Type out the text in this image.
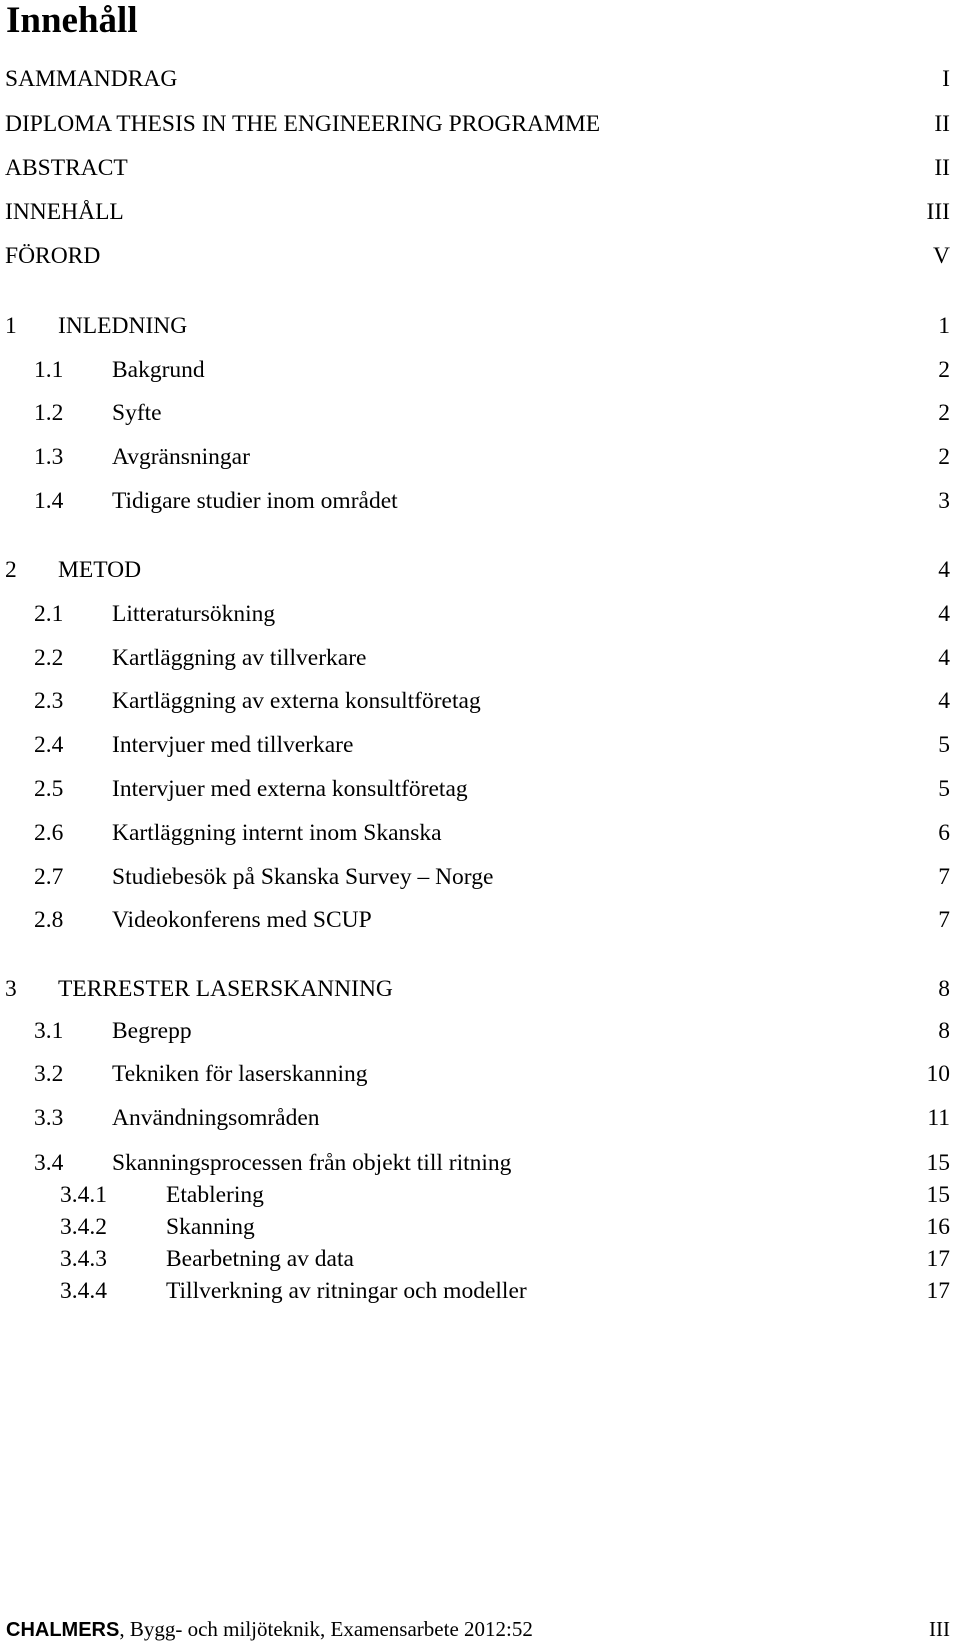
Innehåll
SAMMANDRAG	I
DIPLOMA THESIS IN THE ENGINEERING PROGRAMME	II
ABSTRACT	II
INNEHÅLL	III
FÖRORD	V
1 INLEDNING	1
1.1 Bakgrund	2
1.2 Syfte	2
1.3 Avgränsningar	2
1.4 Tidigare studier inom området	3
2 METOD	4
2.1 Litteratursökning	4
2.2 Kartläggning av tillverkare	4
2.3 Kartläggning av externa konsultföretag	4
2.4 Intervjuer med tillverkare	5
2.5 Intervjuer med externa konsultföretag	5
2.6 Kartläggning internt inom Skanska	6
2.7 Studiebesök på Skanska Survey – Norge	7
2.8 Videokonferens med SCUP	7
3 TERRESTER LASERSKANNING	8
3.1 Begrepp	8
3.2 Tekniken för laserskanning	10
3.3 Användningsområden	11
3.4 Skanningsprocessen från objekt till ritning	15
3.4.1	Etablering	15
3.4.2	Skanning	16
3.4.3	Bearbetning av data	17
3.4.4	Tillverkning av ritningar och modeller	17
CHALMERS, Bygg- och miljöteknik, Examensarbete 2012:52	III
